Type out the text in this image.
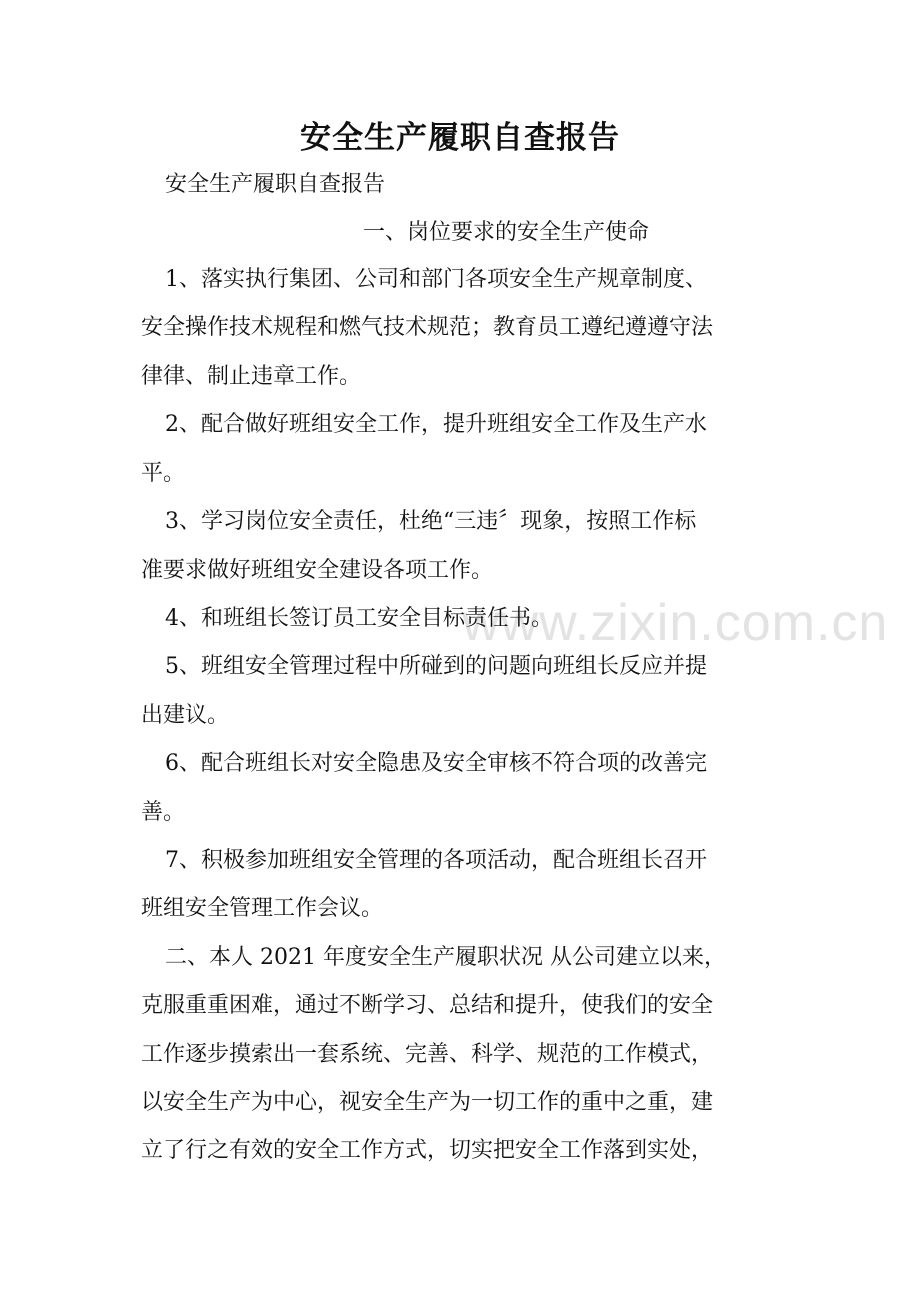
www.zixin.com.cn
安全生产履职自查报告
安全生产履职自查报告
一、岗位要求的安全生产使命
1、落实执行集团、公司和部门各项安全生产规章制度、
安全操作技术规程和燃气技术规范；教育员工遵纪遵遵守法
律律、制止违章工作。
2、配合做好班组安全工作，提升班组安全工作及生产水
平。
3、学习岗位安全责任，杜绝“三违〞现象，按照工作标
准要求做好班组安全建设各项工作。
4、和班组长签订员工安全目标责任书。
5、班组安全管理过程中所碰到的问题向班组长反应并提
出建议。
6、配合班组长对安全隐患及安全审核不符合项的改善完
善。
7、积极参加班组安全管理的各项活动，配合班组长召开
班组安全管理工作会议。
二、本人 2021 年度安全生产履职状况 从公司建立以来，
克服重重困难，通过不断学习、总结和提升，使我们的安全
工作逐步摸索出一套系统、完善、科学、规范的工作模式，
以安全生产为中心，视安全生产为一切工作的重中之重，建
立了行之有效的安全工作方式，切实把安全工作落到实处，
